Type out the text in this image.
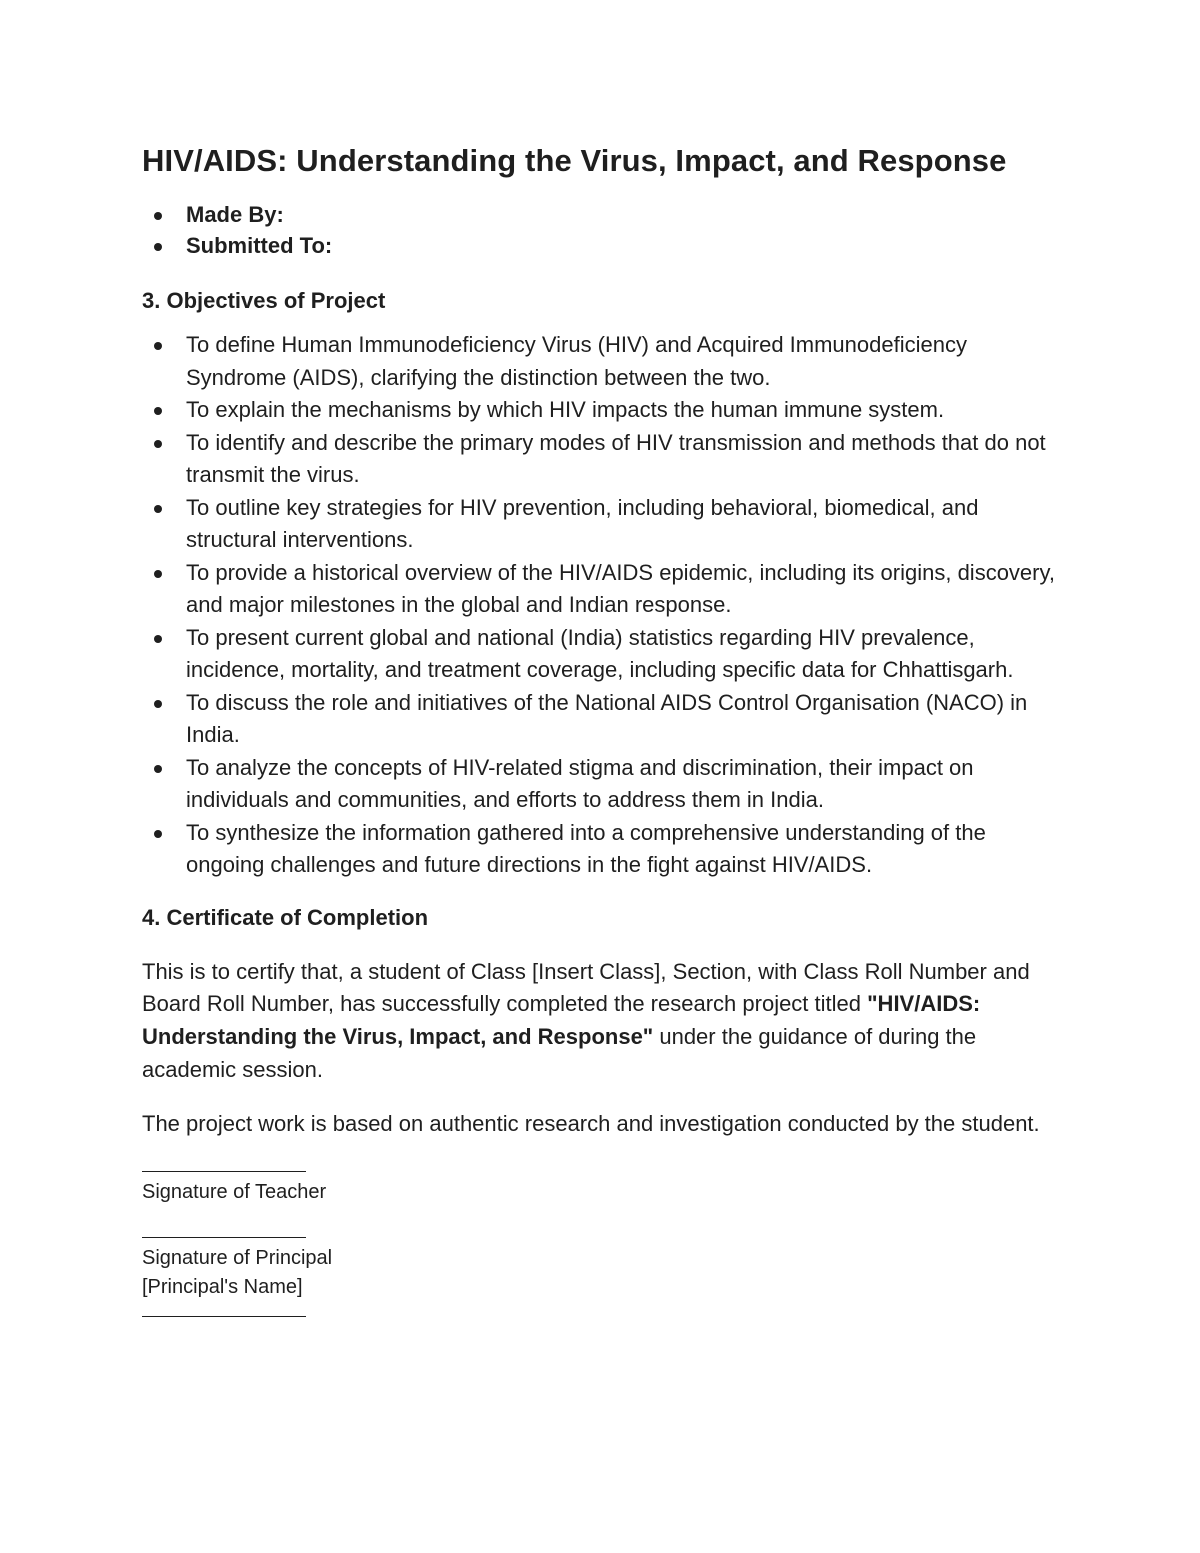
HIV/AIDS: Understanding the Virus, Impact, and Response
Made By:
Submitted To:
3. Objectives of Project
To define Human Immunodeficiency Virus (HIV) and Acquired Immunodeficiency Syndrome (AIDS), clarifying the distinction between the two.
To explain the mechanisms by which HIV impacts the human immune system.
To identify and describe the primary modes of HIV transmission and methods that do not transmit the virus.
To outline key strategies for HIV prevention, including behavioral, biomedical, and structural interventions.
To provide a historical overview of the HIV/AIDS epidemic, including its origins, discovery, and major milestones in the global and Indian response.
To present current global and national (India) statistics regarding HIV prevalence, incidence, mortality, and treatment coverage, including specific data for Chhattisgarh.
To discuss the role and initiatives of the National AIDS Control Organisation (NACO) in India.
To analyze the concepts of HIV-related stigma and discrimination, their impact on individuals and communities, and efforts to address them in India.
To synthesize the information gathered into a comprehensive understanding of the ongoing challenges and future directions in the fight against HIV/AIDS.
4. Certificate of Completion

This is to certify that, a student of Class [Insert Class], Section, with Class Roll Number and Board Roll Number, has successfully completed the research project titled "HIV/AIDS: Understanding the Virus, Impact, and Response" under the guidance of during the academic session.

The project work is based on authentic research and investigation conducted by the student.

Signature of Teacher
Signature of Principal
[Principal's Name]
